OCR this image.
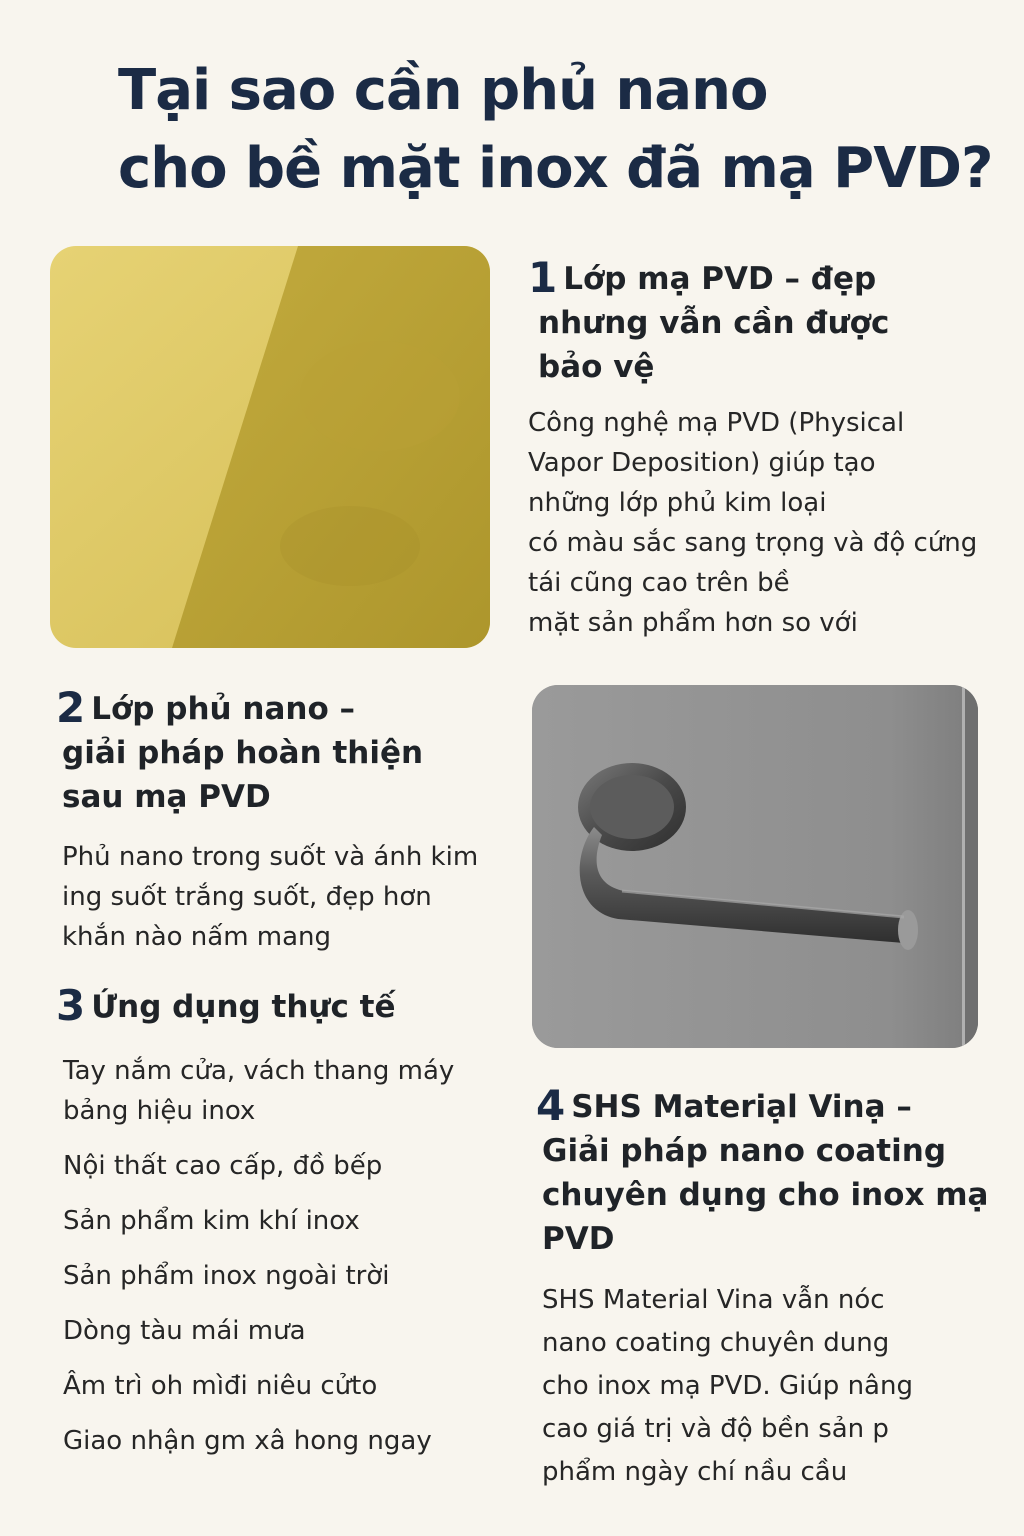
Tại sao cần phủ nano
cho bề mặt inox đã mạ PVD?
1 Lớp mạ PVD – đẹp
nhưng vẫn cần được
bảo vệ
Công nghệ mạ PVD (Physical
Vapor Deposition) giúp tạo
những lớp phủ kim loại
có màu sắc sang trọng và độ cứng
tái cũng cao trên bề
mặt sản phẩm hơn so với
2 Lớp phủ nano –
giải pháp hoàn thiện
sau mạ PVD
Phủ nano trong suốt và ánh kim
ing suốt trắng suốt, đẹp hơn
khắn nào nấm mang
3 Ứng dụng thực tế
Tay nắm cửa, vách thang máy
bảng hiệu inox
Nội thất cao cấp, đồ bếp
Sản phẩm kim khí inox
Sản phẩm inox ngoài trời
Dòng tàu mái mưa
Âm trì oh mìđi niêu cửto
Giao nhận gm xâ hong ngay
4 SHS Materiạl Vinạ –
Giải pháp nano coating
chuyên dụng cho inox mạ
PVD
SHS Material Vina vẫn nóc
nano coating chuyên dung
cho inox mạ PVD. Giúp nâng
cao giá trị và độ bền sản p
phẩm ngày chí nầu cầu
